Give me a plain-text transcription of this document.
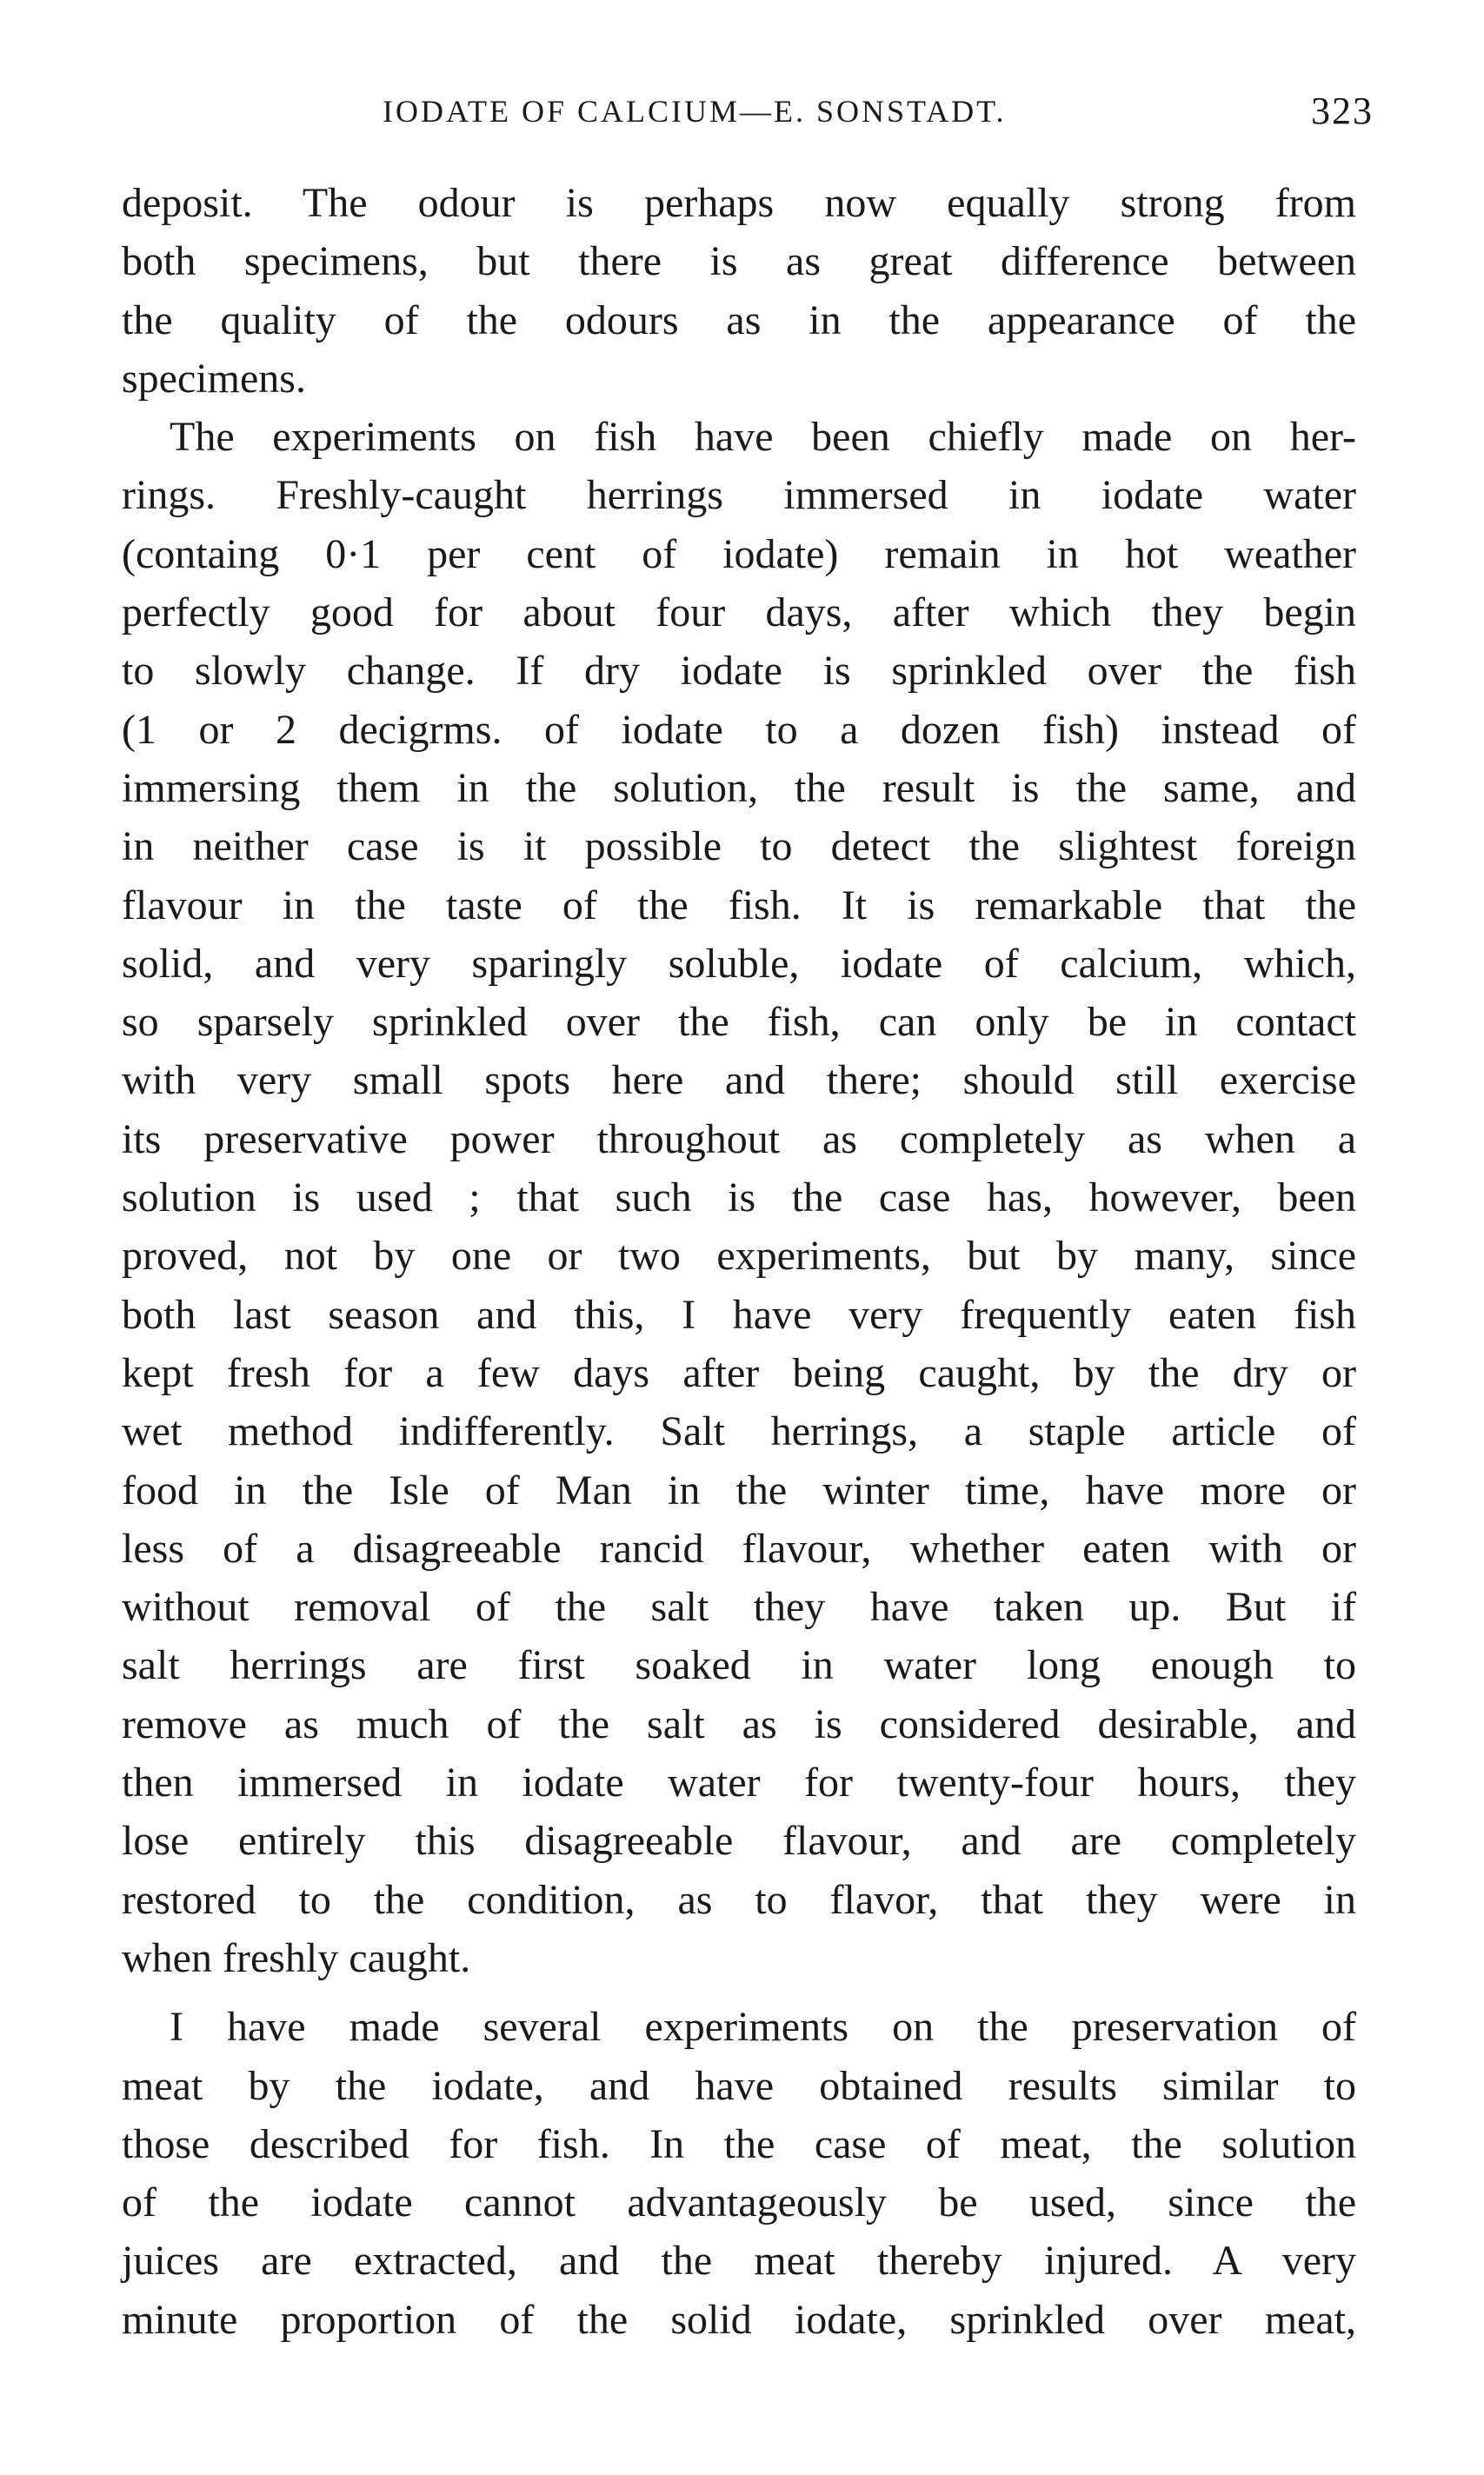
IODATE OF CALCIUM—E. SONSTADT.	323
deposit. The odour is perhaps now equally strong from
both specimens, but there is as great difference between
the quality of the odours as in the appearance of the
specimens.
The experiments on fish have been chiefly made on her-
rings. Freshly-caught herrings immersed in iodate water
(containg 0·1 per cent of iodate) remain in hot weather
perfectly good for about four days, after which they begin
to slowly change. If dry iodate is sprinkled over the fish
(1 or 2 decigrms. of iodate to a dozen fish) instead of
immersing them in the solution, the result is the same, and
in neither case is it possible to detect the slightest foreign
flavour in the taste of the fish. It is remarkable that the
solid, and very sparingly soluble, iodate of calcium, which,
so sparsely sprinkled over the fish, can only be in contact
with very small spots here and there; should still exercise
its preservative power throughout as completely as when a
solution is used ; that such is the case has, however, been
proved, not by one or two experiments, but by many, since
both last season and this, I have very frequently eaten fish
kept fresh for a few days after being caught, by the dry or
wet method indifferently. Salt herrings, a staple article of
food in the Isle of Man in the winter time, have more or
less of a disagreeable rancid flavour, whether eaten with or
without removal of the salt they have taken up. But if
salt herrings are first soaked in water long enough to
remove as much of the salt as is considered desirable, and
then immersed in iodate water for twenty-four hours, they
lose entirely this disagreeable flavour, and are completely
restored to the condition, as to flavor, that they were in
when freshly caught.
I have made several experiments on the preservation of
meat by the iodate, and have obtained results similar to
those described for fish. In the case of meat, the solution
of the iodate cannot advantageously be used, since the
juices are extracted, and the meat thereby injured. A very
minute proportion of the solid iodate, sprinkled over meat,
